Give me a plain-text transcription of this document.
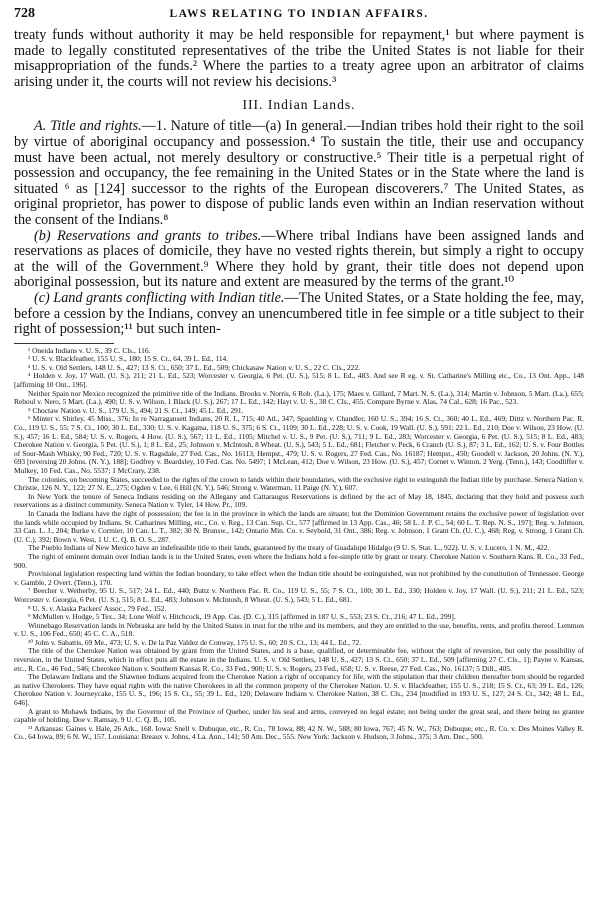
728	LAWS RELATING TO INDIAN AFFAIRS.

treaty funds without authority it may be held responsible for repayment,¹ but where payment is made to legally constituted representatives of the tribe the United States is not liable for their misappropriation of the funds.² Where the parties to a treaty agree upon an arbitrator of claims arising under it, the courts will not review his decisions.³

III. Indian Lands.

A. Title and rights.—1. Nature of title—(a) In general.—Indian tribes hold their right to the soil by virtue of aboriginal occupancy and possession.⁴ To sustain the title, their use and occupancy must have been actual, not merely desultory or constructive.⁵ Their title is a perpetual right of possession and occupancy, the fee remaining in the United States or in the State where the land is situated ⁶ as [124] successor to the rights of the European discoverers.⁷ The United States, as original proprietor, has power to dispose of public lands even within an Indian reservation without the consent of the Indians.⁸

(b) Reservations and grants to tribes.—Where tribal Indians have been assigned lands and reservations as places of domicile, they have no vested rights therein, but simply a right to occupy at the will of the Government.⁹ Where they hold by grant, their title does not depend upon aboriginal possession, but its nature and extent are measured by the terms of the grant.¹⁰

(c) Land grants conflicting with Indian title.—The United States, or a State holding the fee, may, before a cession by the Indians, convey an unencumbered title in fee simple or a title subject to their right of possession;¹¹ but such inten-

¹ Oneida Indians v. U. S., 39 C. Cls., 116.

² U. S. v. Blackfeather, 155 U. S., 180; 15 S. Ct., 64, 39 L. Ed., 114.

³ U. S. v. Old Settlers, 148 U. S., 427; 13 S. Ct., 650; 37 L. Ed., 509; Chickasaw Nation v. U. S., 22 C. Cls., 222.

⁴ Holden v. Joy, 17 Wall. (U. S.), 211; 21 L. Ed., 523; Worcester v. Georgia, 6 Pet. (U. S.), 515; 8 L. Ed., 483. And see R eg. v. St. Catharine's Milling etc., Co., 13 Ont. App., 148 [affirming 10 Ont., 196].

Neither Spain nor Mexico recognized the primitive title of the Indians. Brooks v. Norris, 6 Rob. (La.), 175; Maes v. Gillard, 7 Mart. N. S. (La.), 314; Martin v. Johnson, 5 Mart. (La.), 655; Reboul v. Nero, 5 Mart. (La.), 490; U. S. v. Wilson, 1 Black (U. S.), 267; 17 L. Ed., 142; Hayt v. U. S., 38 C. Cls., 455. Compare Byrne v. Alas, 74 Cal., 628; 16 Pac., 523.

⁵ Choctaw Nation v. U. S., 179 U. S., 494; 21 S. Ct., 149; 45 L. Ed., 291.

⁶ Minter v. Shirley, 45 Miss., 376; In re Narragansett Indians, 20 R. I., 715; 40 Atl., 347; Spaulding v. Chandler, 160 U. S., 394; 16 S. Ct., 360; 40 L. Ed., 469; Dittz v. Northern Pac. R. Co., 119 U. S., 55; 7 S. Ct., 100; 30 L. Ed., 330; U. S. v. Kagama, 118 U. S., 375; 6 S. Ct., 1109; 30 L. Ed., 228; U. S. v. Cook, 19 Wall. (U. S.), 591; 22 L. Ed., 210; Doe v. Wilson, 23 How. (U. S.), 457; 16 L. Ed., 584; U. S. v. Rogers, 4 How. (U. S.), 567; 11 L. Ed., 1105; Mitchel v. U. S., 9 Pet. (U. S.), 711; 9 L. Ed., 283; Worcester v. Georgia, 6 Pet. (U. S.), 515; 8 L. Ed., 483; Cherokee Nation v. Georgia, 5 Pet. (U. S.), 1; 8 L. Ed., 25; Johnson v. McIntosh, 8 Wheat. (U. S.), 543; 5 L. Ed., 681; Fletcher v. Peck, 6 Cranch (U. S.), 87; 3 L. Ed., 162; U. S. v. Four Bottles of Sour-Mash Whisky, 90 Fed., 720; U. S. v. Ragsdale, 27 Fed. Cas., No. 16113; Hempst., 479; U. S. v. Rogers, 27 Fed. Cas., No. 16187; Hempst., 450; Goodell v. Jackson, 20 Johns. (N. Y.), 693 [reversing 20 Johns. (N. Y.), 188]; Godfrey v. Beardsley, 10 Fed. Cas. No. 5497; 1 McLean, 412; Doe v. Wilson, 23 How. (U. S.), 457; Cornet v. Winton, 2 Yerg. (Tenn.), 143; Coodliffer v. Mulkey, 10 Fed. Cas., No. 5537; 1 McCrary, 238.

The colonies, on becoming States, succeeded to the rights of the crown to lands within their boundaries, with the exclusive right to extinguish the Indian title by purchase. Seneca Nation v. Christie, 126 N. Y., 122; 27 N. E., 275; Ogden v. Lee, 6 Hill (N. Y.), 546; Strong v. Waterman, 11 Paige (N. Y.), 607.

In New York the tenure of Seneca Indians residing on the Allegany and Cattaraugus Reservations is defined by the act of May 18, 1845, declaring that they hold and possess such reservations as a distinct community. Seneca Nation v. Tyler, 14 How. Pr., 109.

In Canada the Indians have the right of possession; the fee is in the province in which the lands are situate; but the Dominion Government retains the exclusive power of legislation over the lands while occupied by Indians. St. Catharines Milling, etc., Co. v. Reg., 13 Can. Sup. Ct., 577 [affirmed in 13 App. Cas., 46; 58 L. J. P. C., 54; 60 L. T. Rep. N. S., 197]; Reg. v. Johnson, 33 Can. L. J., 204; Burke v. Cormier, 10 Can. L. T., 382; 30 N. Brunsw., 142; Ontario Min. Co. v. Seybold, 31 Ont., 386; Reg. v. Johnson, 1 Grant Ch. (U. C.), 468; Reg. v. Strong, 1 Grant Ch. (U. C.), 392; Bown v. West, 1 U. C. Q. B. O. S., 287.

The Pueblo Indians of New Mexico have an indefeasible title to their lands, guaranteed by the treaty of Guadalupe Hidalgo (9 U. S. Stat. L., 922). U. S. v. Lucero, 1 N. M., 422.

The right of eminent domain over Indian lands is in the United States, even where the Indians hold a fee-simple title by grant or treaty. Cherokee Nation v. Southern Kans. R. Co., 33 Fed., 900.

Provisional legislation respecting land within the Indian boundary, to take effect when the Indian title should be extinguished, was not prohibited by the constitution of Tennessee. George v. Gamble, 2 Overt. (Tenn.), 170.

⁷ Beecher v. Wetherby, 95 U. S., 517; 24 L. Ed., 440; Buttz v. Northern Pac. R. Co., 119 U. S., 55; 7 S. Ct., 100; 30 L. Ed., 330; Holden v. Joy, 17 Wall. (U. S.), 211; 21 L. Ed., 523; Worcester v. Georgia, 6 Pet. (U. S.), 515; 8 L. Ed., 483; Johnson v. McIntosh, 8 Wheat. (U. S.), 543; 5 L. Ed., 681.

⁸ U. S. v. Alaska Packers' Assoc., 79 Fed., 152.

⁹ McMullen v. Hodge, 5 Tex., 34; Lone Wolf v. Hitchcock, 19 App. Cas. (D. C.), 315 [affirmed in 187 U. S., 553; 23 S. Ct., 216; 47 L. Ed., 299].

Winnebago Reservation lands in Nebraska are held by the United States in trust for the tribe and its members, and they are entitled to the use, benefits, rents, and profits thereof. Lemmon v. U. S., 106 Fed., 650; 45 C. C. A., 518.

¹⁰ John v. Sabattis, 69 Me., 473; U. S. v. De la Paz Valdez de Conway, 175 U. S., 60; 20 S. Ct., 13; 44 L. Ed., 72.

The title of the Cherokee Nation was obtained by grant from the United States, and is a base, qualified, or determinable fee, without the right of reversion, but only the possibility of reversion, in the United States, which in effect puts all the estate in the Indians. U. S. v. Old Settlers, 148 U. S., 427; 13 S. Ct., 650; 37 L. Ed., 509 [affirming 27 C. Cls., 1]; Payne v. Kansas, etc., R. Co., 46 Fed., 546; Cherokee Nation v. Southern Kansas R. Co., 33 Fed., 900; U. S. v. Rogers, 23 Fed., 658; U. S. v. Reese, 27 Fed. Cas., No. 16137; 5 Dill., 405.

The Delaware Indians and the Shawnee Indians acquired from the Cherokee Nation a right of occupancy for life, with the stipulation that their children thereafter born should be regarded as native Cherokees. They have equal rights with the native Cherokees in all the common property of the Cherokee Nation. U. S. v. Blackfeather, 155 U. S., 218; 15 S. Ct., 63; 39 L. Ed., 126; Cherokee Nation v. Journeycake, 155 U. S., 196; 15 S. Ct., 55; 39 L. Ed., 120; Delaware Indians v. Cherokee Nation, 38 C. Cls., 234 [modified in 193 U. S., 127; 24 S. Ct., 342; 48 L. Ed., 646].

A grant to Mohawk Indians, by the Governor of the Province of Quebec, under his seal and arms, conveyed no legal estate; not being under the great seal, and there being no grantee capable of holding. Doe v. Ramsay, 9 U. C. Q. B., 105.

¹¹ Arkansas: Gaines v. Hale, 26 Ark., 168. Iowa: Snell v. Dubuque, etc., R. Co., 78 Iowa, 88; 42 N. W., 588; 80 Iowa, 767; 45 N. W., 763; Dubuque, etc., R. Co. v. Des Moines Valley R. Co., 64 Iowa, 89; 6 N. W., 157. Louisiana: Breaux v. Johns, 4 La. Ann., 141; 50 Am. Dec., 555. New York: Jackson v. Hudson, 3 Johns., 375; 3 Am. Dec., 500.
